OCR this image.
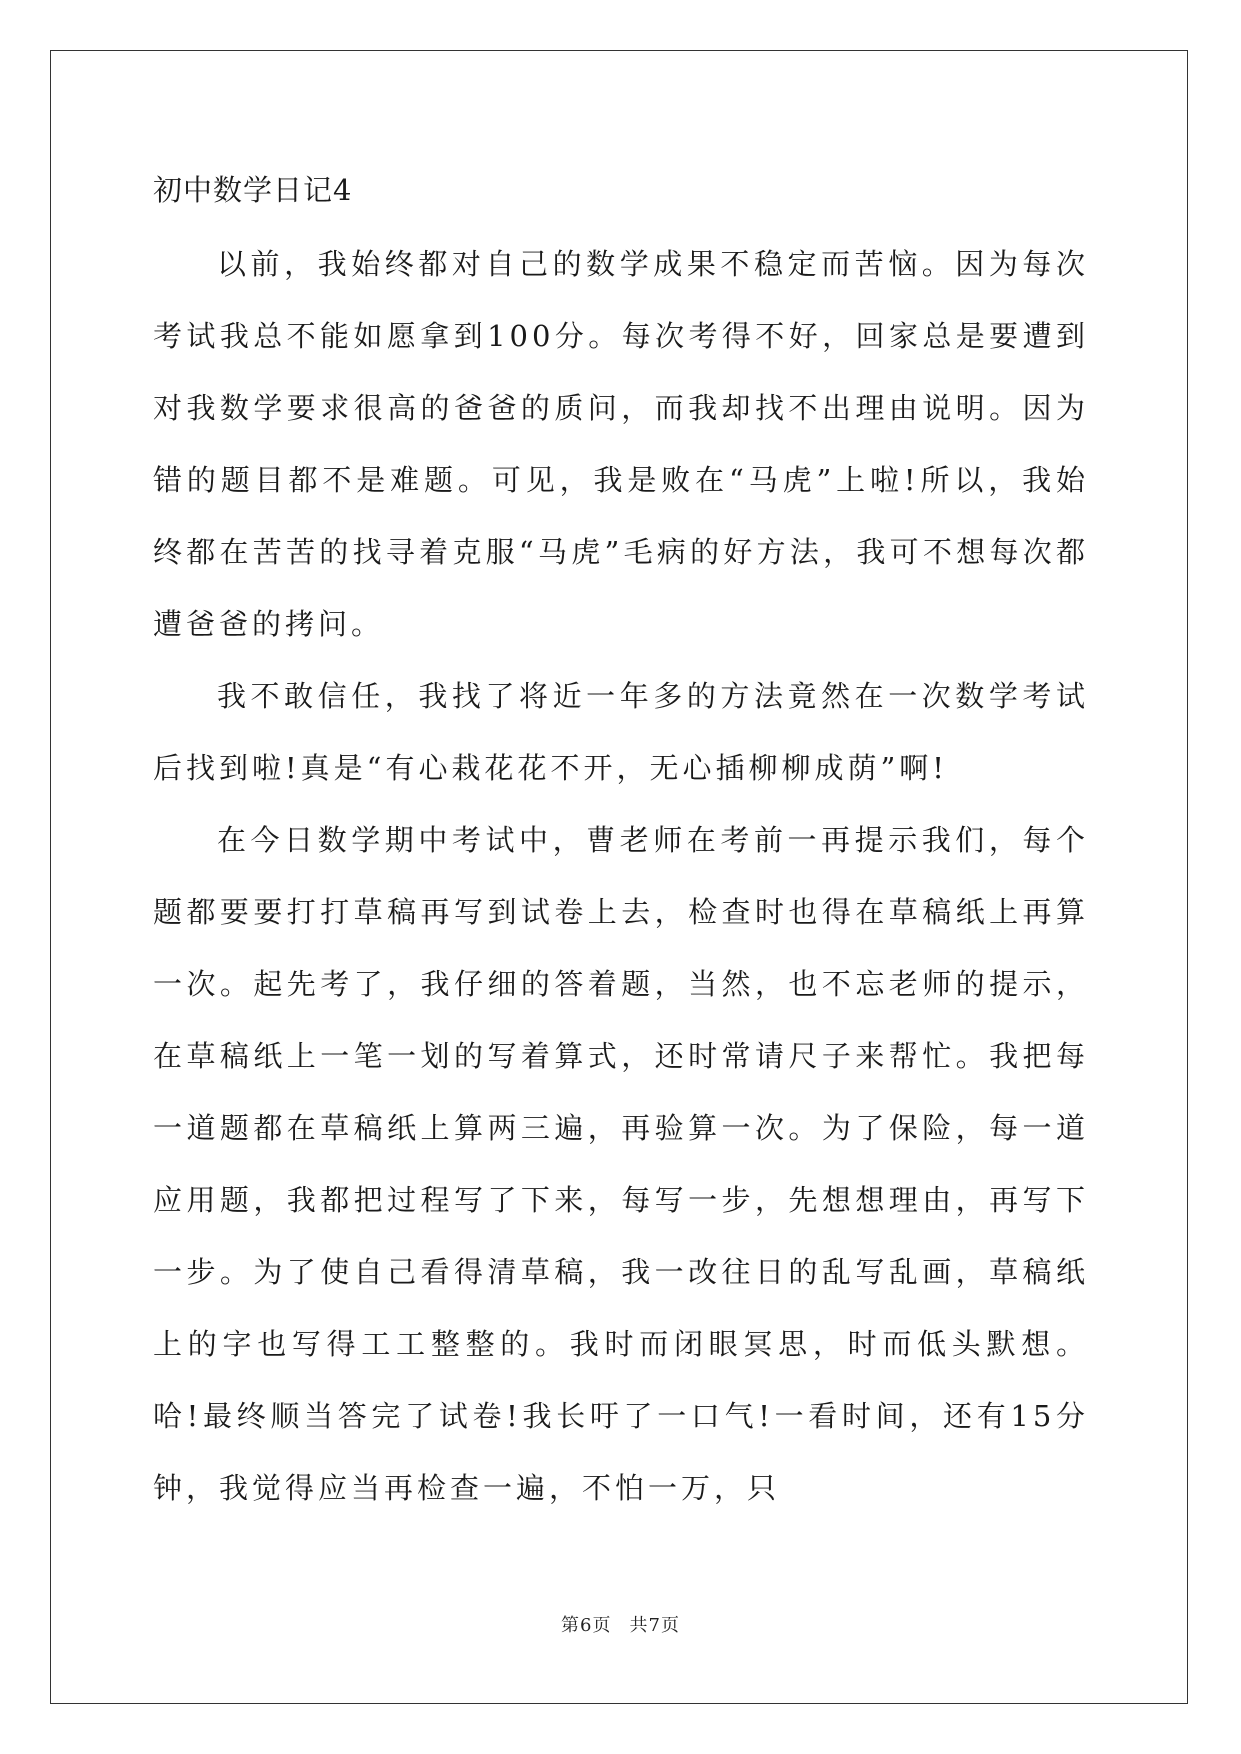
初中数学日记4

以前，我始终都对自己的数学成果不稳定而苦恼。因为每次考试我总不能如愿拿到100分。每次考得不好，回家总是要遭到对我数学要求很高的爸爸的质问，而我却找不出理由说明。因为错的题目都不是难题。可见，我是败在“马虎”上啦!所以，我始终都在苦苦的找寻着克服“马虎”毛病的好方法，我可不想每次都遭爸爸的拷问。

我不敢信任，我找了将近一年多的方法竟然在一次数学考试后找到啦!真是“有心栽花花不开，无心插柳柳成荫”啊!

在今日数学期中考试中，曹老师在考前一再提示我们，每个题都要要打打草稿再写到试卷上去，检查时也得在草稿纸上再算一次。起先考了，我仔细的答着题，当然，也不忘老师的提示，在草稿纸上一笔一划的写着算式，还时常请尺子来帮忙。我把每一道题都在草稿纸上算两三遍，再验算一次。为了保险，每一道应用题，我都把过程写了下来，每写一步，先想想理由，再写下一步。为了使自己看得清草稿，我一改往日的乱写乱画，草稿纸上的字也写得工工整整的。我时而闭眼冥思，时而低头默想。哈!最终顺当答完了试卷!我长吁了一口气!一看时间，还有15分钟，我觉得应当再检查一遍，不怕一万，只

第6页 共7页
